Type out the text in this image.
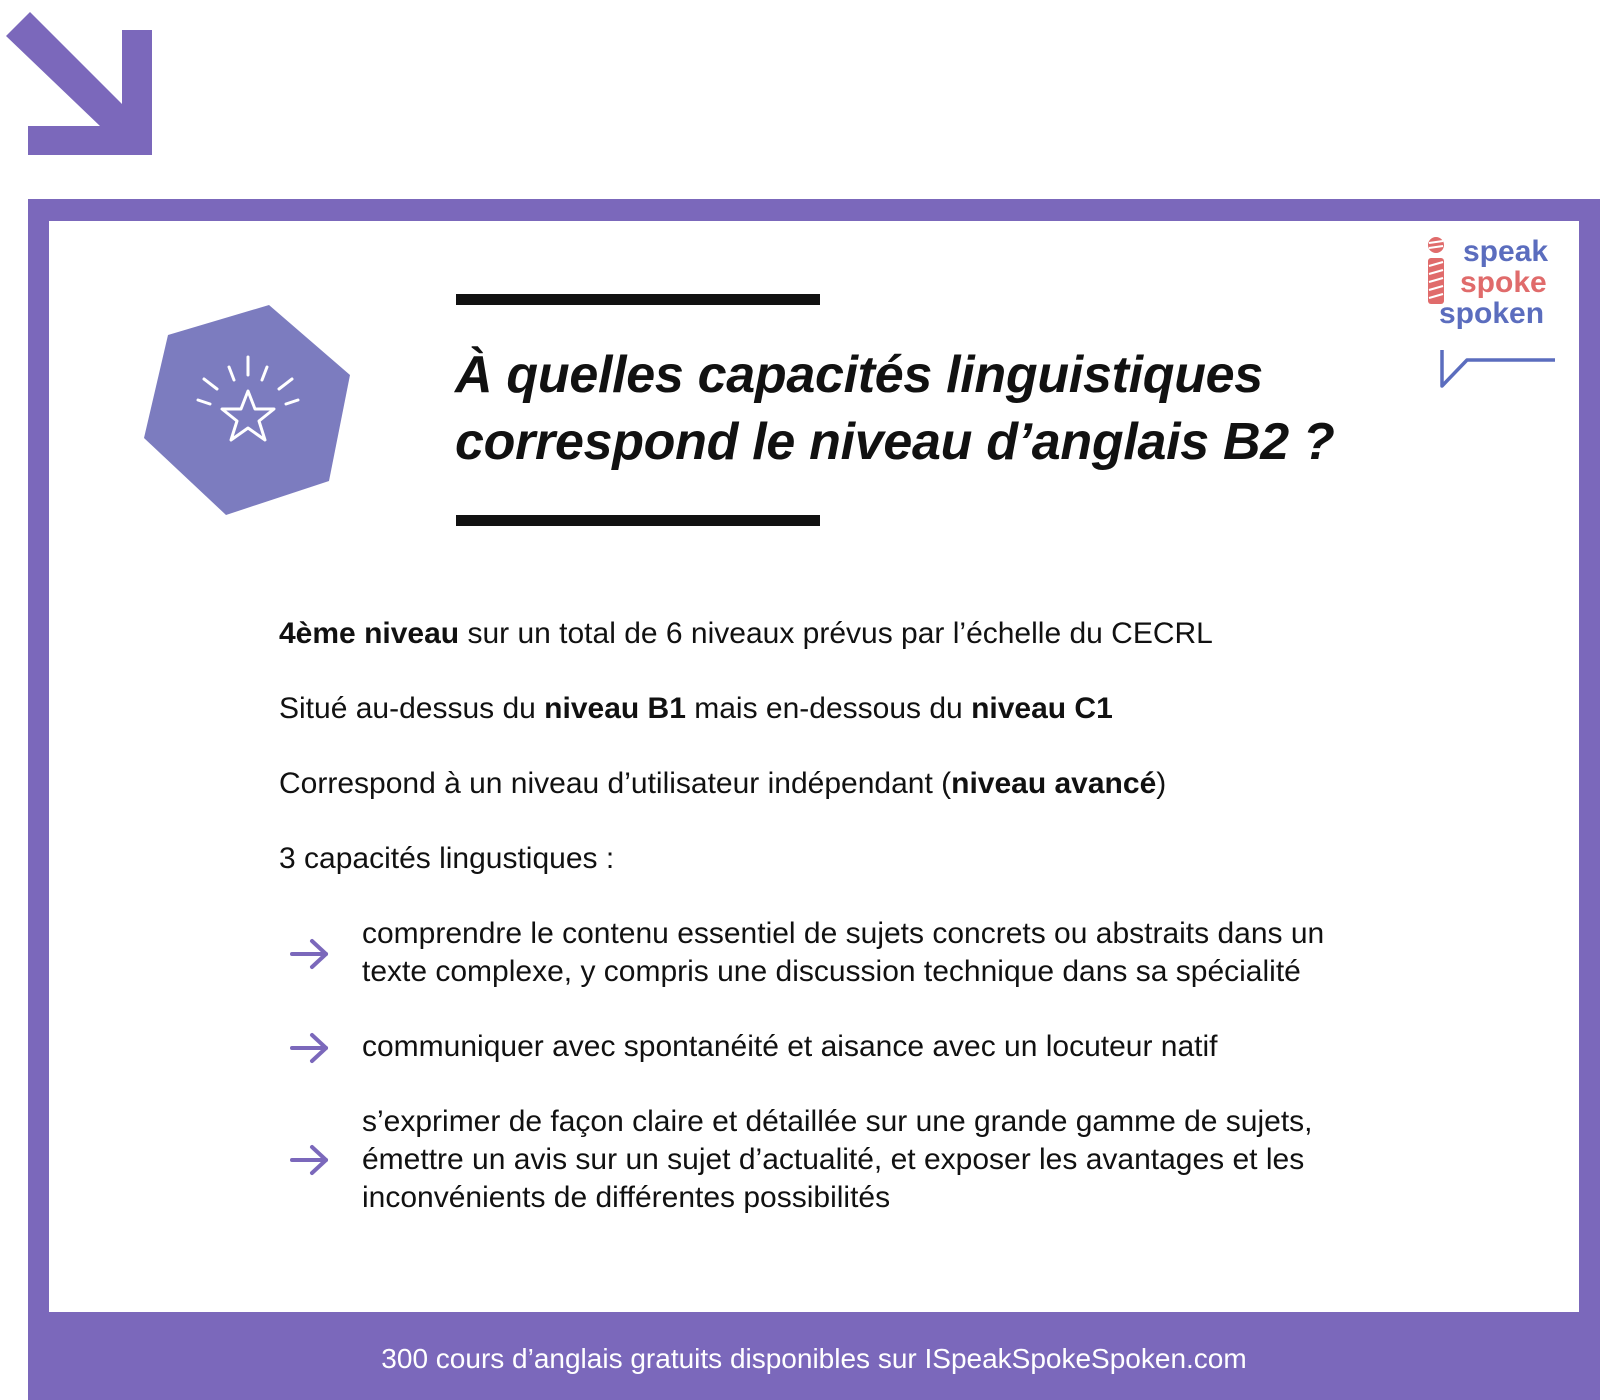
À quelles capacités linguistiques
correspond le niveau d’anglais B2 ?
speak
spoke
spoken
4ème niveau sur un total de 6 niveaux prévus par l’échelle du CECRL
Situé au-dessus du niveau B1 mais en-dessous du niveau C1
Correspond à un niveau d’utilisateur indépendant (niveau avancé)
3 capacités lingustiques :
comprendre le contenu essentiel de sujets concrets ou abstraits dans un
texte complexe, y compris une discussion technique dans sa spécialité
communiquer avec spontanéité et aisance avec un locuteur natif
s’exprimer de façon claire et détaillée sur une grande gamme de sujets,
émettre un avis sur un sujet d’actualité, et exposer les avantages et les
inconvénients de différentes possibilités
300 cours d’anglais gratuits disponibles sur ISpeakSpokeSpoken.com
